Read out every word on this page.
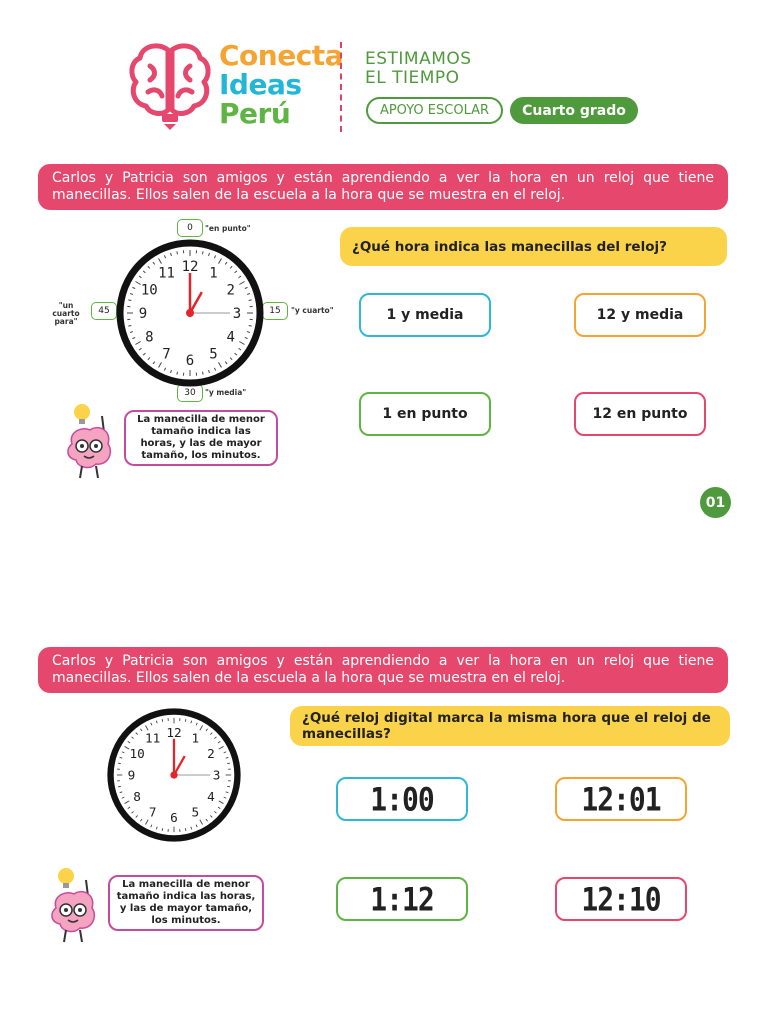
Conecta
Ideas
Perú
ESTIMAMOS
EL TIEMPO
APOYO ESCOLAR	Cuarto grado
Carlos y Patricia son amigos y están aprendiendo a ver la hora en un reloj que tiene manecillas. Ellos salen de la escuela a la hora que se muestra en el reloj.
0	"en punto"
15	"y cuarto"
30	"y media"
45
"un cuarto
para"
12 1
2
3
4
5
6
7
8
9
10
11
La manecilla de menor tamaño indica las horas, y las de mayor tamaño, los minutos.
¿Qué hora indica las manecillas del reloj?
1 y media	12 y media
1 en punto	12 en punto
01
Carlos y Patricia son amigos y están aprendiendo a ver la hora en un reloj que tiene manecillas. Ellos salen de la escuela a la hora que se muestra en el reloj.
12 1
2
3
4
5
6
7
8
9
10
11
¿Qué reloj digital marca la misma hora que el reloj de manecillas?
1:00	12:01
1:12	12:10
La manecilla de menor tamaño indica las horas, y las de mayor tamaño, los minutos.
